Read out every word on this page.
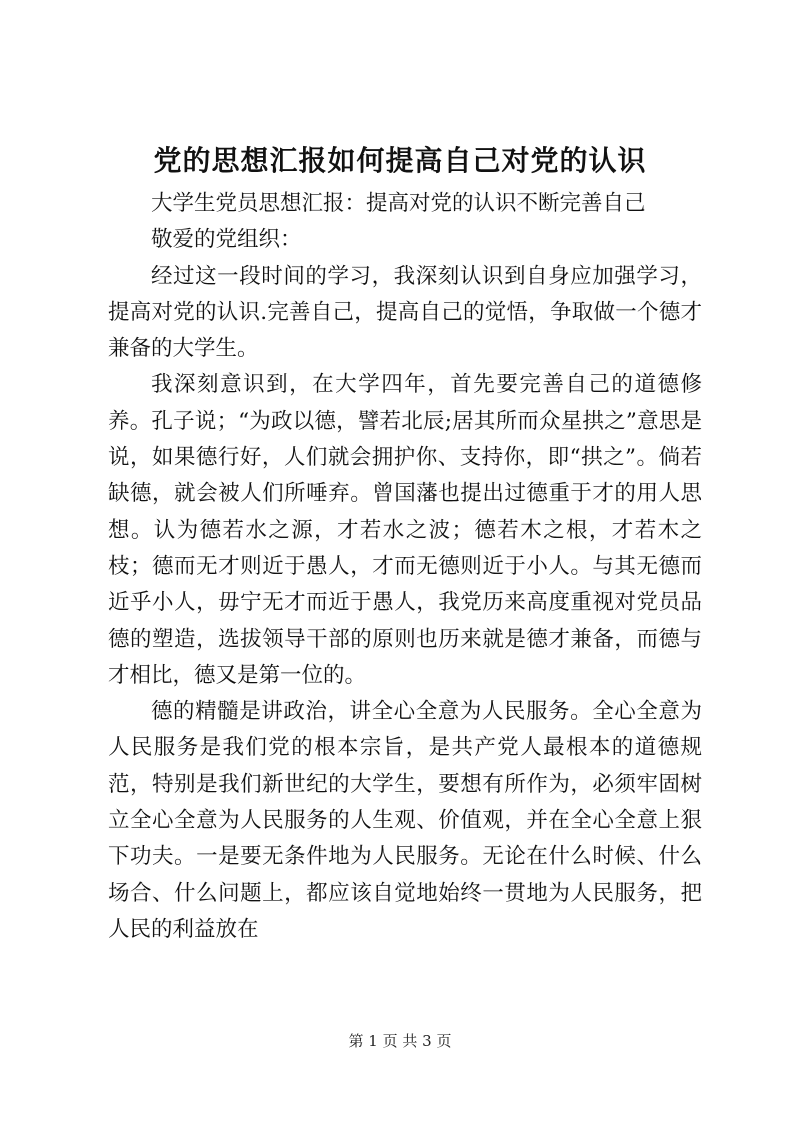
党的思想汇报如何提高自己对党的认识

大学生党员思想汇报：提高对党的认识不断完善自己

敬爱的党组织：

经过这一段时间的学习，我深刻认识到自身应加强学习，提高对党的认识.完善自己，提高自己的觉悟，争取做一个德才兼备的大学生。

我深刻意识到，在大学四年，首先要完善自己的道德修养。孔子说；“为政以德，譬若北辰;居其所而众星拱之”意思是说，如果德行好，人们就会拥护你、支持你，即“拱之”。倘若缺德，就会被人们所唾弃。曾国藩也提出过德重于才的用人思想。认为德若水之源，才若水之波；德若木之根，才若木之枝；德而无才则近于愚人，才而无德则近于小人。与其无德而近乎小人，毋宁无才而近于愚人，我党历来高度重视对党员品德的塑造，选拔领导干部的原则也历来就是德才兼备，而德与才相比，德又是第一位的。

德的精髓是讲政治，讲全心全意为人民服务。全心全意为人民服务是我们党的根本宗旨，是共产党人最根本的道德规范，特别是我们新世纪的大学生，要想有所作为，必须牢固树立全心全意为人民服务的人生观、价值观，并在全心全意上狠下功夫。一是要无条件地为人民服务。无论在什么时候、什么场合、什么问题上，都应该自觉地始终一贯地为人民服务，把人民的利益放在

第 1 页 共 3 页
